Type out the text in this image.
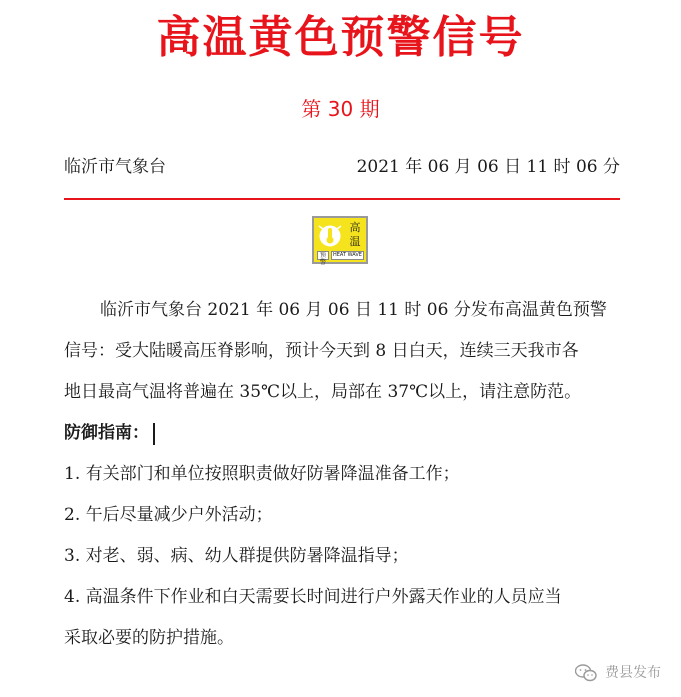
高温黄色预警信号
第 30 期
临沂市气象台	2021 年 06 月 06 日 11 时 06 分
高
温
预警
HEAT WAVE
临沂市气象台 2021 年 06 月 06 日 11 时 06 分发布高温黄色预警
信号：受大陆暖高压脊影响，预计今天到 8 日白天，连续三天我市各
地日最高气温将普遍在 35℃以上，局部在 37℃以上，请注意防范。
防御指南：
1. 有关部门和单位按照职责做好防暑降温准备工作；
2. 午后尽量减少户外活动；
3. 对老、弱、病、幼人群提供防暑降温指导；
4. 高温条件下作业和白天需要长时间进行户外露天作业的人员应当
采取必要的防护措施。
费县发布
